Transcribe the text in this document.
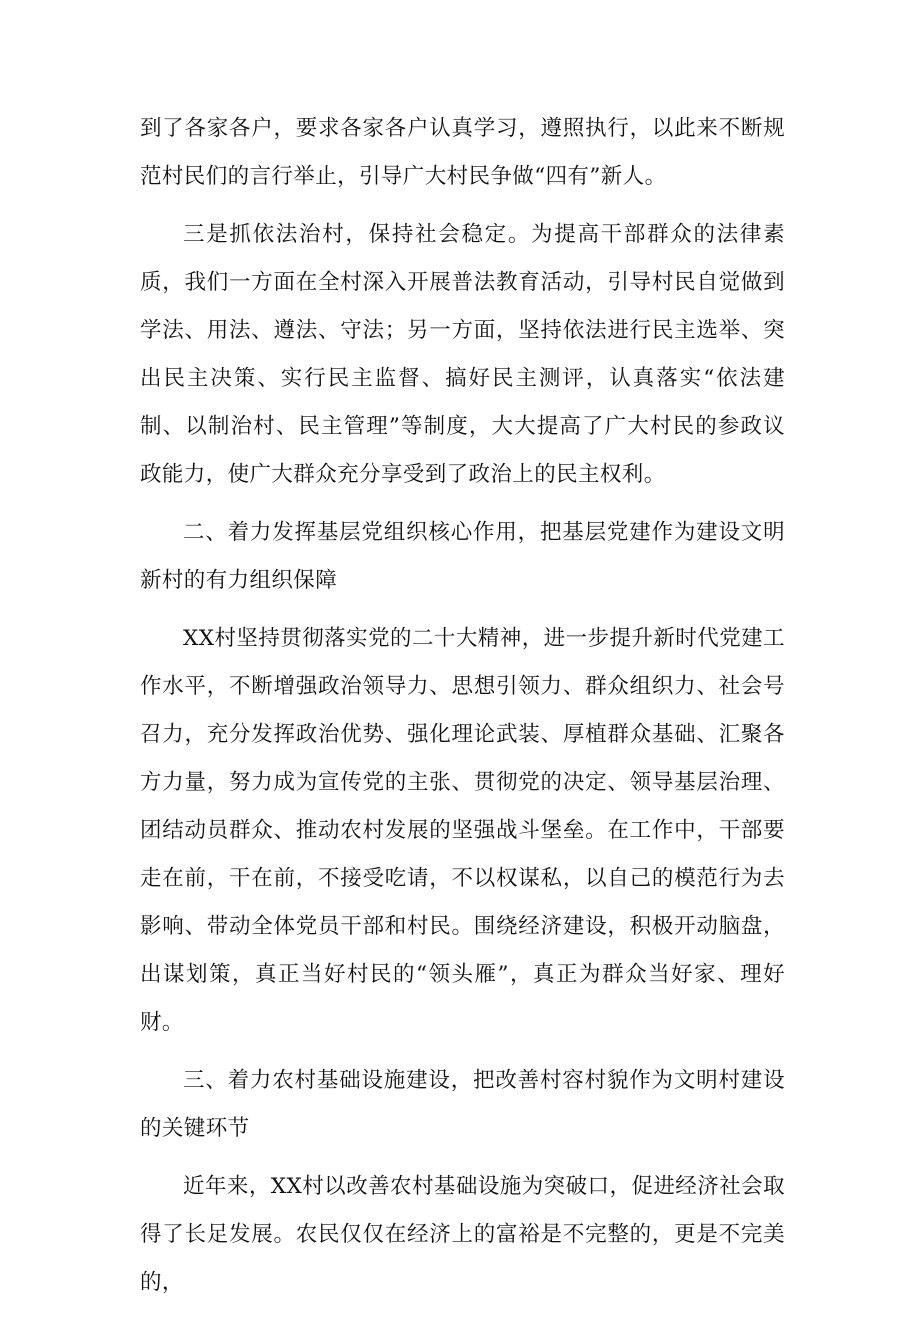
到了各家各户，要求各家各户认真学习，遵照执行，以此来不断规范村民们的言行举止，引导广大村民争做“四有”新人。

三是抓依法治村，保持社会稳定。为提高干部群众的法律素质，我们一方面在全村深入开展普法教育活动，引导村民自觉做到学法、用法、遵法、守法；另一方面，坚持依法进行民主选举、突出民主决策、实行民主监督、搞好民主测评，认真落实“依法建制、以制治村、民主管理”等制度，大大提高了广大村民的参政议政能力，使广大群众充分享受到了政治上的民主权利。

二、着力发挥基层党组织核心作用，把基层党建作为建设文明新村的有力组织保障

XX村坚持贯彻落实党的二十大精神，进一步提升新时代党建工作水平，不断增强政治领导力、思想引领力、群众组织力、社会号召力，充分发挥政治优势、强化理论武装、厚植群众基础、汇聚各方力量，努力成为宣传党的主张、贯彻党的决定、领导基层治理、团结动员群众、推动农村发展的坚强战斗堡垒。在工作中，干部要走在前，干在前，不接受吃请，不以权谋私，以自己的模范行为去影响、带动全体党员干部和村民。围绕经济建设，积极开动脑盘，出谋划策，真正当好村民的“领头雁”，真正为群众当好家、理好财。

三、着力农村基础设施建设，把改善村容村貌作为文明村建设的关键环节

近年来，XX村以改善农村基础设施为突破口，促进经济社会取得了长足发展。农民仅仅在经济上的富裕是不完整的，更是不完美的，
